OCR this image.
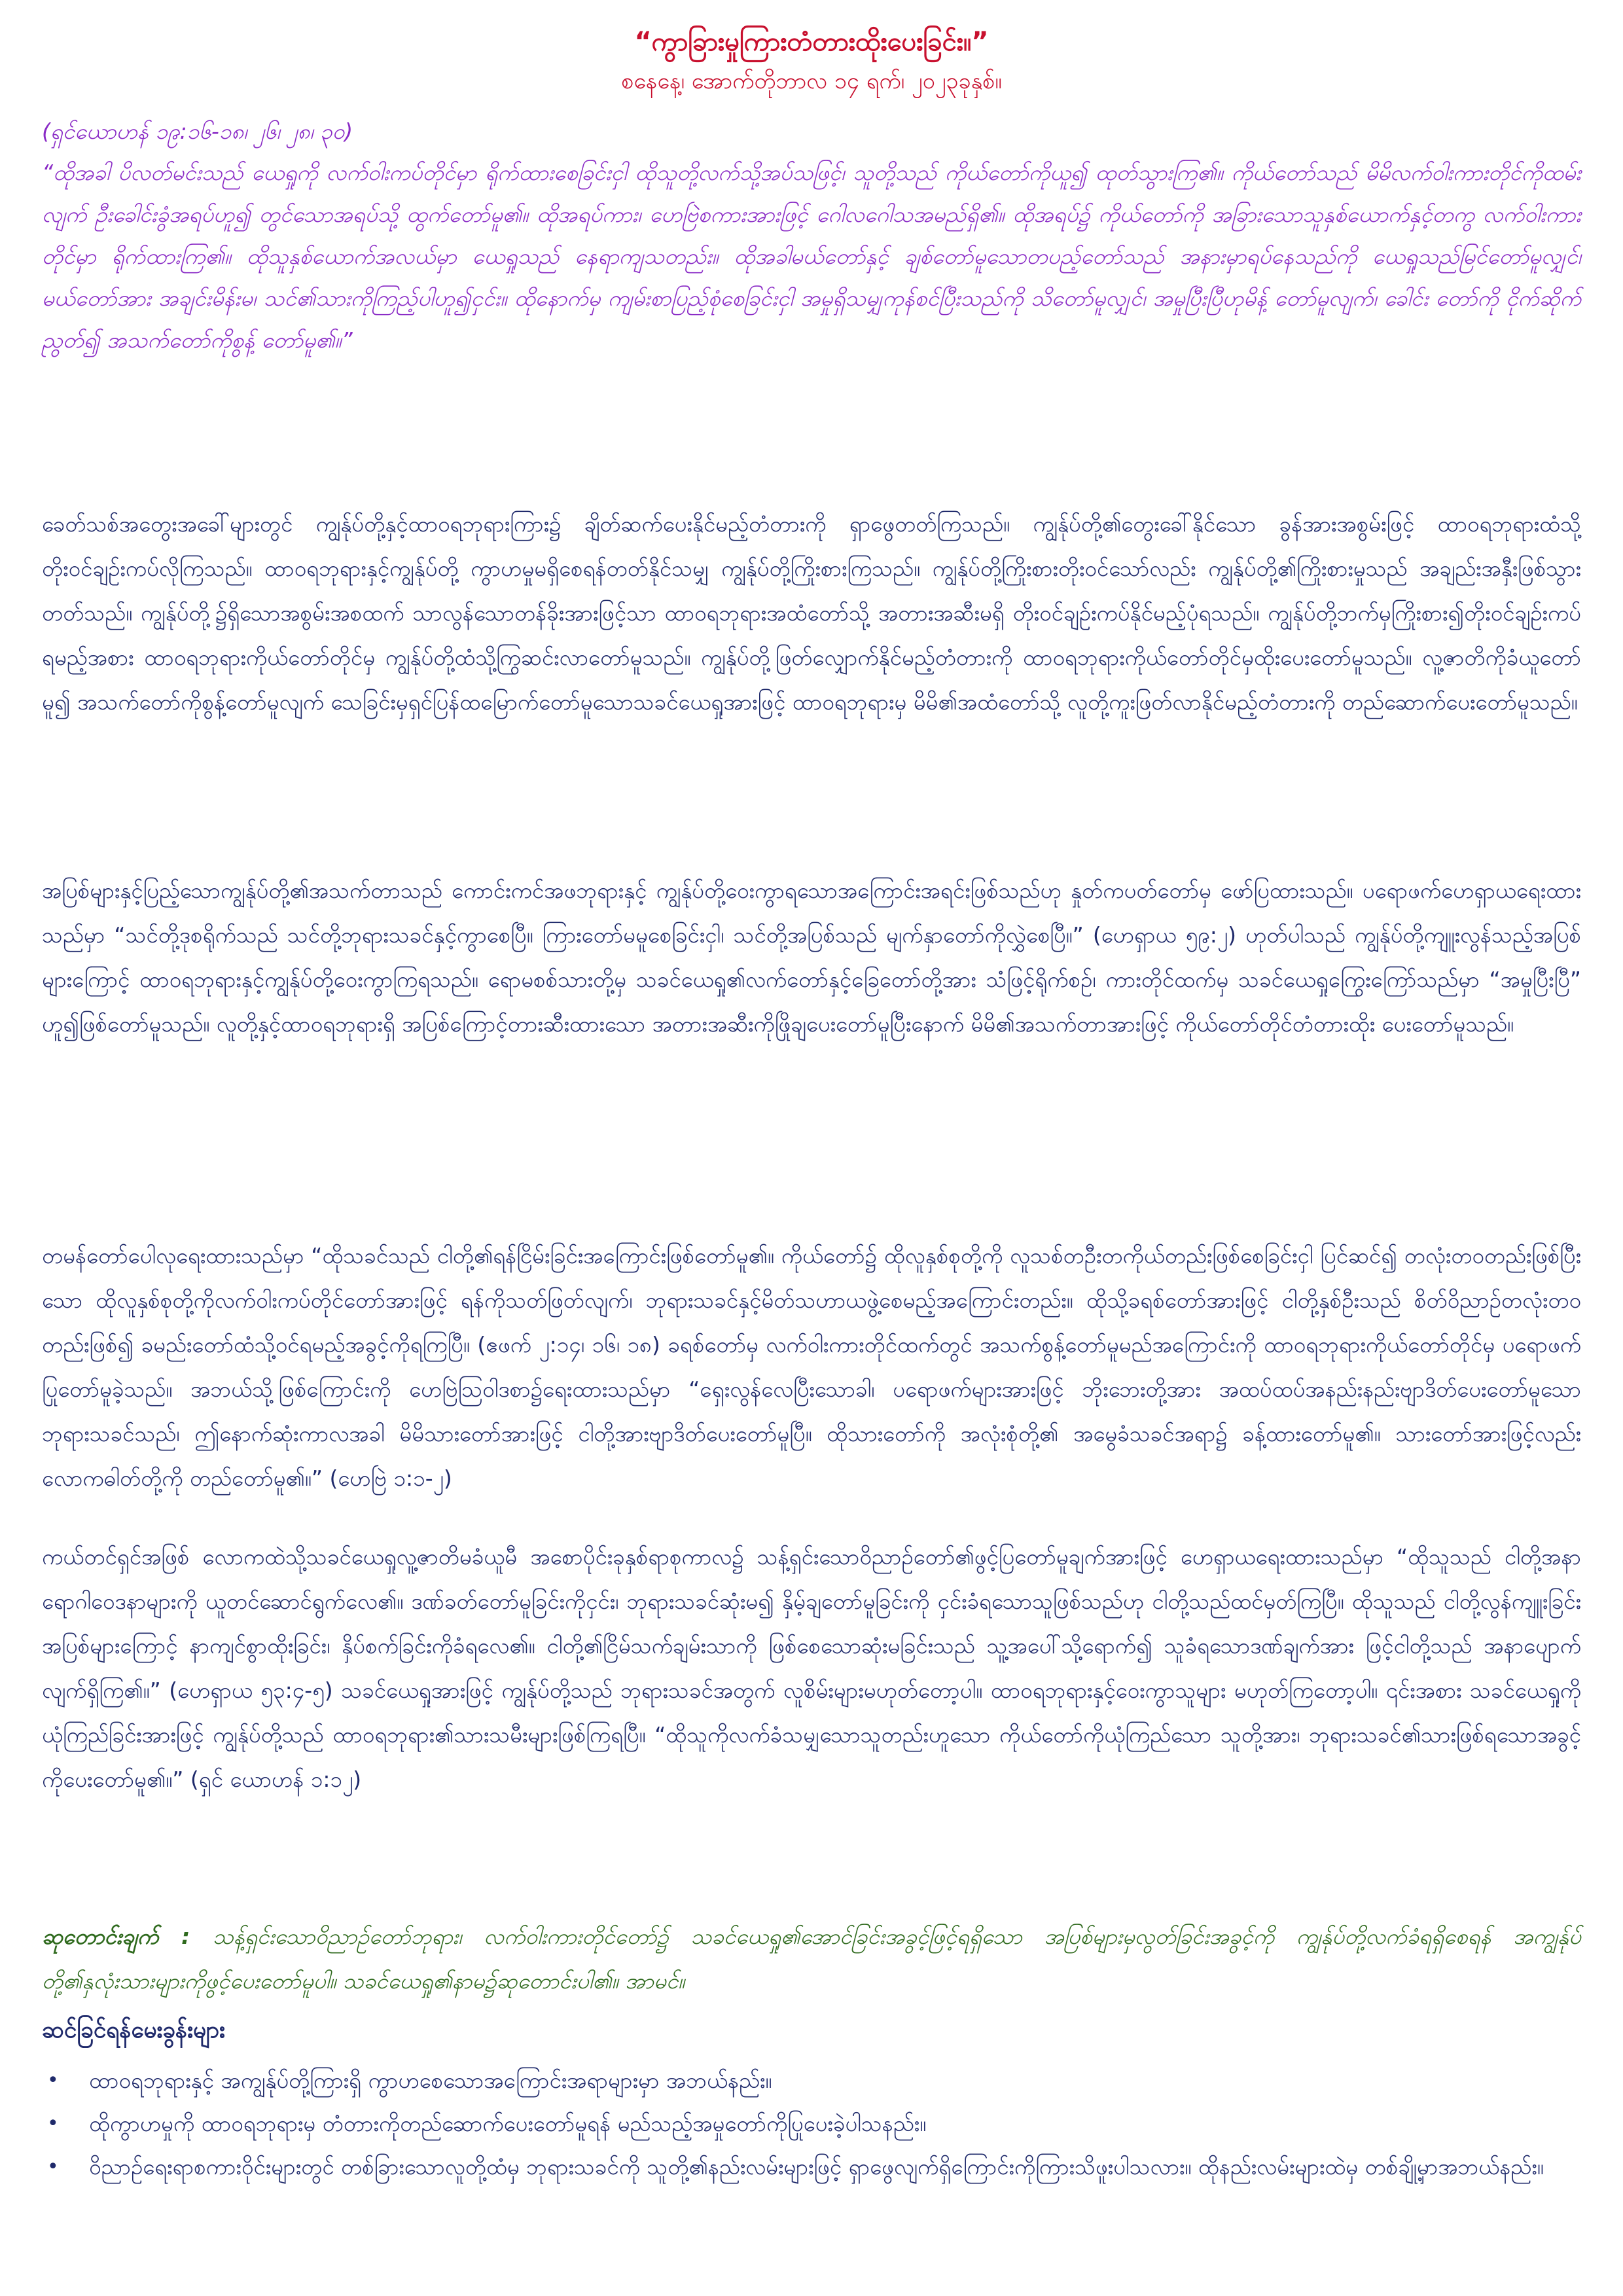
“ကွာခြားမှုကြားတံတားထိုးပေးခြင်း။”

စနေနေ့၊ အောက်တိုဘာလ ၁၄ ရက်၊ ၂၀၂၃ခုနှစ်။

(ရှင်ယောဟန် ၁၉:၁၆-၁၈၊ ၂၆၊ ၂၈၊ ၃၀)
“ထိုအခါ ပိလတ်မင်းသည် ယေရှုကို လက်ဝါးကပ်တိုင်မှာ ရိုက်ထားစေခြင်းငှါ ထိုသူတို့လက်သို့အပ်သဖြင့်၊ သူတို့သည် ကိုယ်တော်ကိုယူ၍ ထုတ်သွားကြ၏။ ကိုယ်တော်သည် မိမိလက်ဝါးကားတိုင်ကိုထမ်းလျက် ဦးခေါင်းခွံအရပ်ဟူ၍ တွင်သောအရပ်သို့ ထွက်တော်မူ၏။ ထိုအရပ်ကား၊ ဟေဗြဲစကားအားဖြင့် ဂေါလဂေါသအမည်ရှိ၏။ ထိုအရပ်၌ ကိုယ်တော်ကို အခြားသောသူနှစ်ယောက်နှင့်တကွ လက်ဝါးကားတိုင်မှာ ရိုက်ထားကြ၏။ ထိုသူနှစ်ယောက်အလယ်မှာ ယေရှုသည် နေရာကျသတည်း။ ထိုအခါမယ်တော်နှင့် ချစ်တော်မူသောတပည့်တော်သည် အနားမှာရပ်နေသည်ကို ယေရှုသည်မြင်တော်မူလျှင်၊ မယ်တော်အား အချင်းမိန်းမ၊ သင်၏သားကိုကြည့်ပါဟူ၍ငှင်း။ ထိုနောက်မှ ကျမ်းစာပြည့်စုံစေခြင်းငှါ အမှုရှိသမျှကုန်စင်ပြီးသည်ကို သိတော်မူလျှင်၊ အမှုပြီးပြီဟုမိန့် တော်မူလျက်၊ ခေါင်း တော်ကို ငိုက်ဆိုက်ညွတ်၍ အသက်တော်ကိုစွန့် တော်မူ၏။”

ခေတ်သစ်အတွေးအခေါ်များတွင် ကျွန်ုပ်တို့နှင့်ထာဝရဘုရားကြား၌ ချိတ်ဆက်ပေးနိုင်မည့်တံတားကို ရှာဖွေတတ်ကြသည်။ ကျွန်ုပ်တို့၏တွေးခေါ်နိုင်သော ခွန်အားအစွမ်းဖြင့် ထာဝရဘုရားထံသို့တိုးဝင်ချဉ်းကပ်လိုကြသည်။ ထာဝရဘုရားနှင့်ကျွန်ုပ်တို့ ကွာဟမှုမရှိစေရန်တတ်နိုင်သမျှ ကျွန်ုပ်တို့ကြိုးစားကြသည်။ ကျွန်ုပ်တို့ကြိုးစားတိုးဝင်သော်လည်း ကျွန်ုပ်တို့၏ကြိုးစားမှုသည် အချည်းအနှီးဖြစ်သွားတတ်သည်။ ကျွန်ုပ်တို့၌ရှိသောအစွမ်းအစထက် သာလွန်သောတန်ခိုးအားဖြင့်သာ ထာဝရဘုရားအထံတော်သို့ အတားအဆီးမရှိ တိုးဝင်ချဉ်းကပ်နိုင်မည့်ပုံရသည်။ ကျွန်ုပ်တို့ဘက်မှကြိုးစား၍တိုးဝင်ချဉ်းကပ်ရမည့်အစား ထာဝရဘုရားကိုယ်တော်တိုင်မှ ကျွန်ုပ်တို့ထံသို့ကြွဆင်းလာတော်မူသည်။ ကျွန်ုပ်တို့ဖြတ်လျှောက်နိုင်မည့်တံတားကို ထာဝရဘုရားကိုယ်တော်တိုင်မှထိုးပေးတော်မူသည်။ လူ့ဇာတိကိုခံယူတော်မူ၍ အသက်တော်ကိုစွန့်တော်မူလျက် သေခြင်းမှရှင်ပြန်ထမြောက်တော်မူသောသခင်ယေရှုအားဖြင့် ထာဝရဘုရားမှ မိမိ၏အထံတော်သို့ လူတို့ကူးဖြတ်လာနိုင်မည့်တံတားကို တည်ဆောက်ပေးတော်မူသည်။

အပြစ်များနှင့်ပြည့်သောကျွန်ုပ်တို့၏အသက်တာသည် ကောင်းကင်အဖဘုရားနှင့် ကျွန်ုပ်တို့ဝေးကွာရသောအကြောင်းအရင်းဖြစ်သည်ဟု နှုတ်ကပတ်တော်မှ ဖော်ပြထားသည်။ ပရောဖက်ဟေရှာယရေးထားသည်မှာ “သင်တို့ဒုစရိုက်သည် သင်တို့ဘုရားသခင်နှင့်ကွာစေပြီ။ ကြားတော်မမူစေခြင်းငှါ၊ သင်တို့အပြစ်သည် မျက်နှာတော်ကိုလွှဲစေပြီ။” (ဟေရှာယ ၅၉:၂) ဟုတ်ပါသည် ကျွန်ုပ်တို့ကျူးလွန်သည့်အပြစ်များကြောင့် ထာဝရဘုရားနှင့်ကျွန်ုပ်တို့ဝေးကွာကြရသည်။ ရောမစစ်သားတို့မှ သခင်ယေရှု၏လက်တော်နှင့်ခြေတော်တို့အား သံဖြင့်ရိုက်စဉ်၊ ကားတိုင်ထက်မှ သခင်ယေရှုကြွေးကြော်သည်မှာ “အမှုပြီးပြီ” ဟူ၍ဖြစ်တော်မူသည်။ လူတို့နှင့်ထာဝရဘုရားရှိ အပြစ်ကြောင့်တားဆီးထားသော အတားအဆီးကိုဖြိုချပေးတော်မူပြီးနောက် မိမိ၏အသက်တာအားဖြင့် ကိုယ်တော်တိုင်တံတားထိုး ပေးတော်မူသည်။

တမန်တော်ပေါလုရေးထားသည်မှာ “ထိုသခင်သည် ငါတို့၏ရန်ငြိမ်းခြင်းအကြောင်းဖြစ်တော်မူ၏။ ကိုယ်တော်၌ ထိုလူနှစ်စုတို့ကို လူသစ်တဦးတကိုယ်တည်းဖြစ်စေခြင်းငှါ ပြင်ဆင်၍ တလုံးတဝတည်းဖြစ်ပြီးသော ထိုလူနှစ်စုတို့ကိုလက်ဝါးကပ်တိုင်တော်အားဖြင့် ရန်ကိုသတ်ဖြတ်လျက်၊ ဘုရားသခင်နှင့်မိတ်သဟာယဖွဲ့စေမည့်အကြောင်းတည်း။ ထိုသို့ခရစ်တော်အားဖြင့် ငါတို့နှစ်ဦးသည် စိတ်ဝိညာဉ်တလုံးတဝတည်းဖြစ်၍ ခမည်းတော်ထံသို့ဝင်ရမည့်အခွင့်ကိုရကြပြီ။ (ဧဖက် ၂:၁၄၊ ၁၆၊ ၁၈) ခရစ်တော်မှ လက်ဝါးကားတိုင်ထက်တွင် အသက်စွန့်တော်မူမည်အကြောင်းကို ထာဝရဘုရားကိုယ်တော်တိုင်မှ ပရောဖက်ပြုတော်မူခဲ့သည်။ အဘယ်သို့ဖြစ်ကြောင်းကို ဟေဗြဲသြဝါဒစာ၌ရေးထားသည်မှာ “ရှေးလွန်လေပြီးသောခါ၊ ပရောဖက်များအားဖြင့် ဘိုးဘေးတို့အား အထပ်ထပ်အနည်းနည်းဗျာဒိတ်ပေးတော်မူသောဘုရားသခင်သည်၊ ဤနောက်ဆုံးကာလအခါ မိမိသားတော်အားဖြင့် ငါတို့အားဗျာဒိတ်ပေးတော်မူပြီ။ ထိုသားတော်ကို အလုံးစုံတို့၏ အမွေခံသခင်အရာ၌ ခန့်ထားတော်မူ၏။ သားတော်အားဖြင့်လည်း လောကဓါတ်တို့ကို တည်တော်မူ၏။” (ဟေဗြဲ ၁:၁-၂)

ကယ်တင်ရှင်အဖြစ် လောကထဲသို့သခင်ယေရှုလူ့ဇာတိမခံယူမီ အစောပိုင်းခုနှစ်ရာစုကာလ၌ သန့်ရှင်းသောဝိညာဉ်တော်၏ဖွင့်ပြတော်မူချက်အားဖြင့် ဟေရှာယရေးထားသည်မှာ “ထိုသူသည် ငါတို့အနာရောဂါဝေဒနာများကို ယူတင်ဆောင်ရွက်လေ၏။ ဒဏ်ခတ်တော်မူခြင်းကိုငှင်း၊ ဘုရားသခင်ဆုံးမ၍ နှိမ့်ချတော်မူခြင်းကို ငှင်းခံရသောသူဖြစ်သည်ဟု ငါတို့သည်ထင်မှတ်ကြပြီ။ ထိုသူသည် ငါတို့လွန်ကျူးခြင်းအပြစ်များကြောင့် နာကျင်စွာထိုးခြင်း၊ နှိပ်စက်ခြင်းကိုခံရလေ၏။ ငါတို့၏ငြိမ်သက်ချမ်းသာကို ဖြစ်စေသောဆုံးမခြင်းသည် သူ့အပေါ်သို့ရောက်၍ သူခံရသောဒဏ်ချက်အား ဖြင့်ငါတို့သည် အနာပျောက်လျက်ရှိကြ၏။” (ဟေရှာယ ၅၃:၄-၅) သခင်ယေရှုအားဖြင့် ကျွန်ုပ်တို့သည် ဘုရားသခင်အတွက် လူစိမ်းများမဟုတ်တော့ပါ။ ထာဝရဘုရားနှင့်ဝေးကွာသူများ မဟုတ်ကြတော့ပါ။ ၎င်းအစား သခင်ယေရှုကိုယုံကြည်ခြင်းအားဖြင့် ကျွန်ုပ်တို့သည် ထာဝရဘုရား၏သားသမီးများဖြစ်ကြရပြီ။ “ထိုသူကိုလက်ခံသမျှသောသူတည်းဟူသော ကိုယ်တော်ကိုယုံကြည်သော သူတို့အား၊ ဘုရားသခင်၏သားဖြစ်ရသောအခွင့်ကိုပေးတော်မူ၏။” (ရှင် ယောဟန် ၁:၁၂)

ဆုတောင်းချက် : သန့်ရှင်းသောဝိညာဉ်တော်ဘုရား၊ လက်ဝါးကားတိုင်တော်၌ သခင်ယေရှု၏အောင်ခြင်းအခွင့်ဖြင့်ရရှိသော အပြစ်များမှလွတ်ခြင်းအခွင့်ကို ကျွန်ုပ်တို့လက်ခံရရှိစေရန် အကျွန်ုပ်တို့၏နှလုံးသားများကိုဖွင့်ပေးတော်မူပါ။ သခင်ယေရှု၏နာမ၌ဆုတောင်းပါ၏။ အာမင်။

ဆင်ခြင်ရန်မေးခွန်းများ
• ထာဝရဘုရားနှင့် အကျွန်ုပ်တို့ကြားရှိ ကွာဟစေသောအကြောင်းအရာများမှာ အဘယ်နည်း။
• ထိုကွာဟမှုကို ထာဝရဘုရားမှ တံတားကိုတည်ဆောက်ပေးတော်မူရန် မည်သည့်အမှုတော်ကိုပြုပေးခဲ့ပါသနည်း။
• ဝိညာဉ်ရေးရာစကားဝိုင်းများတွင် တစ်ခြားသောလူတို့ထံမှ ဘုရားသခင်ကို သူတို့၏နည်းလမ်းများဖြင့် ရှာဖွေလျက်ရှိကြောင်းကိုကြားသိဖူးပါသလား။ ထိုနည်းလမ်းများထဲမှ တစ်ချို့မှာအဘယ်နည်း။
